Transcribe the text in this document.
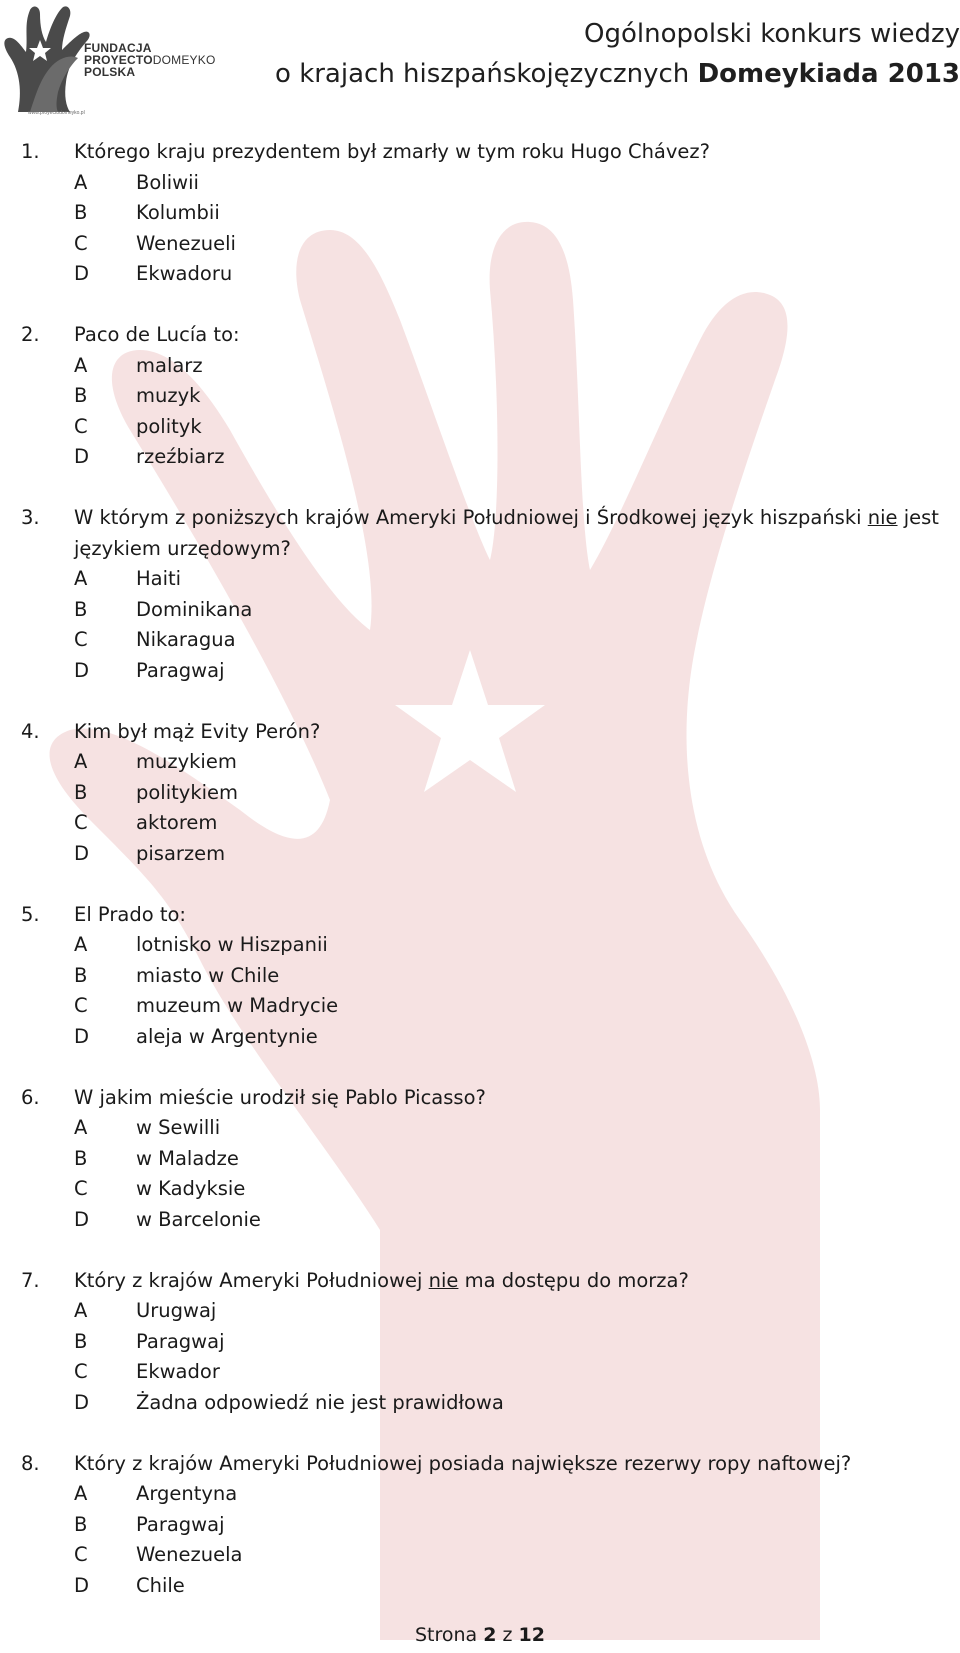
FUNDACJA
PROYECTODOMEYKO
POLSKA
www.proyectodomeyko.pl
Ogólnopolski konkurs wiedzy
o krajach hiszpańskojęzycznych Domeykiada 2013
1.	Którego kraju prezydentem był zmarły w tym roku Hugo Chávez?
A	Boliwii
B	Kolumbii
C	Wenezueli
D	Ekwadoru
2.	Paco de Lucía to:
A	malarz
B	muzyk
C	polityk
D	rzeźbiarz
3.	W którym z poniższych krajów Ameryki Południowej i Środkowej język hiszpański nie jest językiem urzędowym?
A	Haiti
B	Dominikana
C	Nikaragua
D	Paragwaj
4.	Kim był mąż Evity Perón?
A	muzykiem
B	politykiem
C	aktorem
D	pisarzem
5.	El Prado to:
A	lotnisko w Hiszpanii
B	miasto w Chile
C	muzeum w Madrycie
D	aleja w Argentynie
6.	W jakim mieście urodził się Pablo Picasso?
A	w Sewilli
B	w Maladze
C	w Kadyksie
D	w Barcelonie
7.	Który z krajów Ameryki Południowej nie ma dostępu do morza?
A	Urugwaj
B	Paragwaj
C	Ekwador
D	Żadna odpowiedź nie jest prawidłowa
8.	Który z krajów Ameryki Południowej posiada największe rezerwy ropy naftowej?
A	Argentyna
B	Paragwaj
C	Wenezuela
D	Chile
Strona 2 z 12
